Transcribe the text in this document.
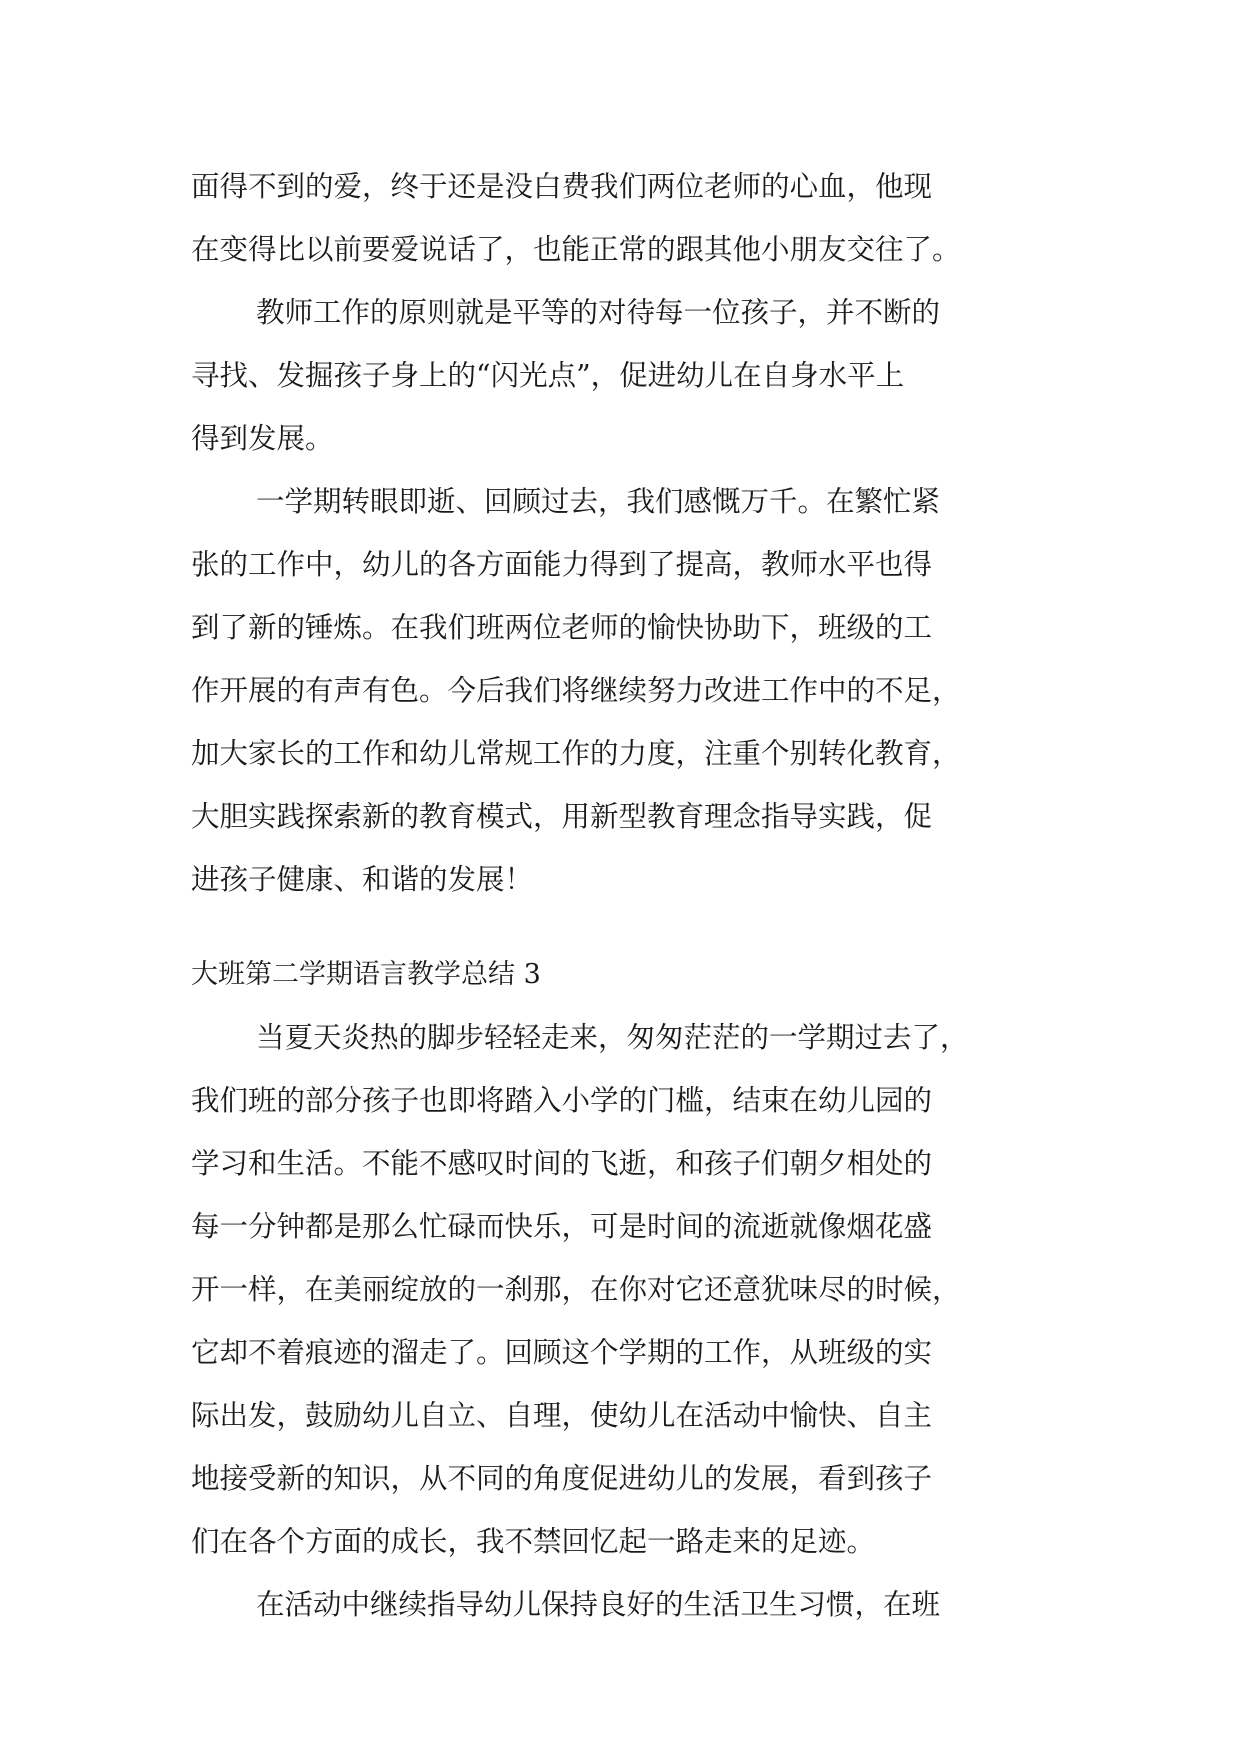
面得不到的爱，终于还是没白费我们两位老师的心血，他现
在变得比以前要爱说话了，也能正常的跟其他小朋友交往了。
教师工作的原则就是平等的对待每一位孩子，并不断的
寻找、发掘孩子身上的“闪光点”，促进幼儿在自身水平上
得到发展。
一学期转眼即逝、回顾过去，我们感慨万千。在繁忙紧
张的工作中，幼儿的各方面能力得到了提高，教师水平也得
到了新的锤炼。在我们班两位老师的愉快协助下，班级的工
作开展的有声有色。今后我们将继续努力改进工作中的不足，
加大家长的工作和幼儿常规工作的力度，注重个别转化教育，
大胆实践探索新的教育模式，用新型教育理念指导实践，促
进孩子健康、和谐的发展！
大班第二学期语言教学总结 3
当夏天炎热的脚步轻轻走来，匆匆茫茫的一学期过去了，
我们班的部分孩子也即将踏入小学的门槛，结束在幼儿园的
学习和生活。不能不感叹时间的飞逝，和孩子们朝夕相处的
每一分钟都是那么忙碌而快乐，可是时间的流逝就像烟花盛
开一样，在美丽绽放的一刹那，在你对它还意犹味尽的时候，
它却不着痕迹的溜走了。回顾这个学期的工作，从班级的实
际出发，鼓励幼儿自立、自理，使幼儿在活动中愉快、自主
地接受新的知识，从不同的角度促进幼儿的发展，看到孩子
们在各个方面的成长，我不禁回忆起一路走来的足迹。
在活动中继续指导幼儿保持良好的生活卫生习惯，在班
